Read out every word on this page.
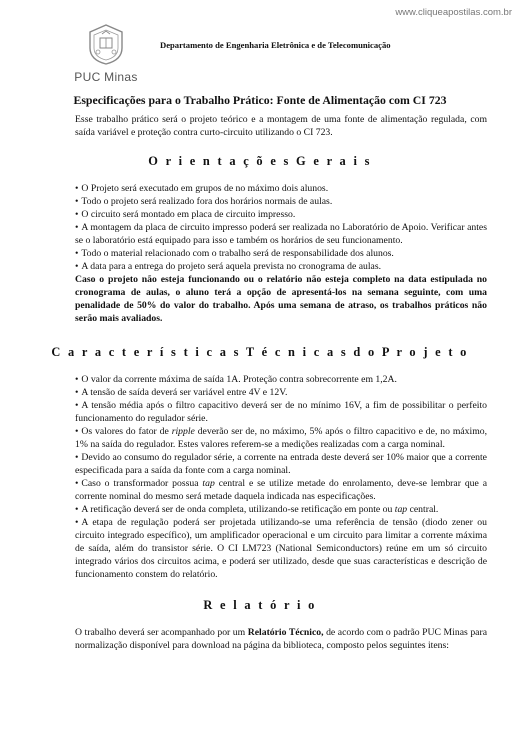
www.cliqueapostilas.com.br
PUC Minas
Departamento de Engenharia Eletrônica e de Telecomunicação
Especificações para o Trabalho Prático: Fonte de Alimentação com CI 723

Esse trabalho prático será o projeto teórico e a montagem de uma fonte de alimentação regulada, com saída variável e proteção contra curto-circuito utilizando o CI 723.

O r i e n t a ç õ e s G e r a i s
• O Projeto será executado em grupos de no máximo dois alunos.
• Todo o projeto será realizado fora dos horários normais de aulas.
• O circuito será montado em placa de circuito impresso.
• A montagem da placa de circuito impresso poderá ser realizada no Laboratório de Apoio. Verificar antes se o laboratório está equipado para isso e também os horários de seu funcionamento.
• Todo o material relacionado com o trabalho será de responsabilidade dos alunos.
• A data para a entrega do projeto será aquela prevista no cronograma de aulas.
Caso o projeto não esteja funcionando ou o relatório não esteja completo na data estipulada no cronograma de aulas, o aluno terá a opção de apresentá-los na semana seguinte, com uma penalidade de 50% do valor do trabalho. Após uma semana de atraso, os trabalhos práticos não serão mais avaliados.
C a r a c t e r í s t i c a s T é c n i c a s d o P r o j e t o
• O valor da corrente máxima de saída 1A. Proteção contra sobrecorrente em 1,2A.
• A tensão de saída deverá ser variável entre 4V e 12V.
• A tensão média após o filtro capacitivo deverá ser de no mínimo 16V, a fim de possibilitar o perfeito funcionamento do regulador série.
• Os valores do fator de ripple deverão ser de, no máximo, 5% após o filtro capacitivo e de, no máximo, 1% na saída do regulador. Estes valores referem-se a medições realizadas com a carga nominal.
• Devido ao consumo do regulador série, a corrente na entrada deste deverá ser 10% maior que a corrente especificada para a saída da fonte com a carga nominal.
• Caso o transformador possua tap central e se utilize metade do enrolamento, deve-se lembrar que a corrente nominal do mesmo será metade daquela indicada nas especificações.
• A retificação deverá ser de onda completa, utilizando-se retificação em ponte ou tap central.
• A etapa de regulação poderá ser projetada utilizando-se uma referência de tensão (diodo zener ou circuito integrado específico), um amplificador operacional e um circuito para limitar a corrente máxima de saída, além do transistor série. O CI LM723 (National Semiconductors) reúne em um só circuito integrado vários dos circuitos acima, e poderá ser utilizado, desde que suas características e descrição de funcionamento constem do relatório.
R e l a t ó r i o

O trabalho deverá ser acompanhado por um Relatório Técnico, de acordo com o padrão PUC Minas para normalização disponível para download na página da biblioteca, composto pelos seguintes itens:
